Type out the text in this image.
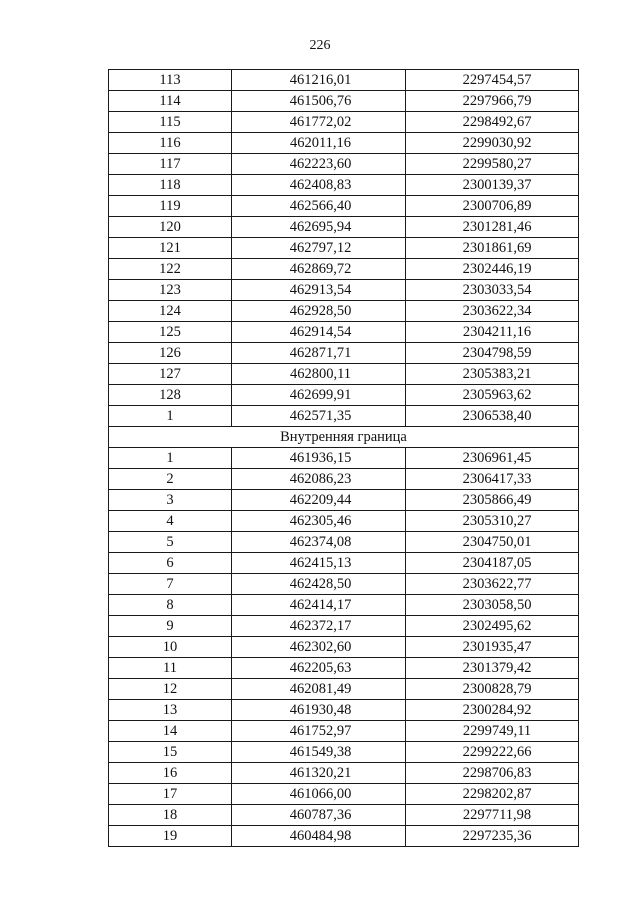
226
113	461216,01	2297454,57
114	461506,76	2297966,79
115	461772,02	2298492,67
116	462011,16	2299030,92
117	462223,60	2299580,27
118	462408,83	2300139,37
119	462566,40	2300706,89
120	462695,94	2301281,46
121	462797,12	2301861,69
122	462869,72	2302446,19
123	462913,54	2303033,54
124	462928,50	2303622,34
125	462914,54	2304211,16
126	462871,71	2304798,59
127	462800,11	2305383,21
128	462699,91	2305963,62
1	462571,35	2306538,40
Внутренняя граница		
1	461936,15	2306961,45
2	462086,23	2306417,33
3	462209,44	2305866,49
4	462305,46	2305310,27
5	462374,08	2304750,01
6	462415,13	2304187,05
7	462428,50	2303622,77
8	462414,17	2303058,50
9	462372,17	2302495,62
10	462302,60	2301935,47
11	462205,63	2301379,42
12	462081,49	2300828,79
13	461930,48	2300284,92
14	461752,97	2299749,11
15	461549,38	2299222,66
16	461320,21	2298706,83
17	461066,00	2298202,87
18	460787,36	2297711,98
19	460484,98	2297235,36
